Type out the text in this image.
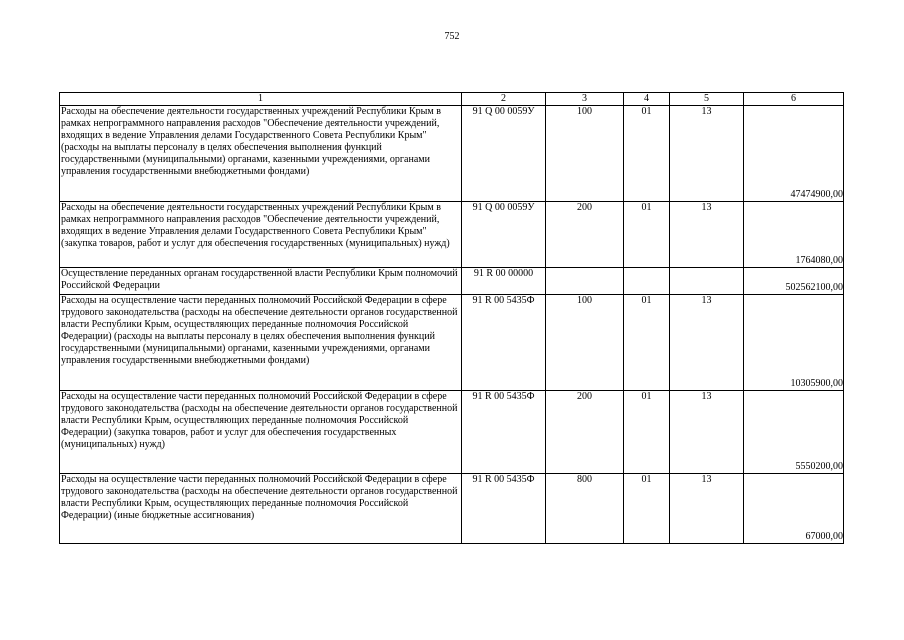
752
1	2	3	4	5	6
Расходы на обеспечение деятельности государственных учреждений Республики Крым в рамках непрограммного направления расходов "Обеспечение деятельности учреждений, входящих в ведение Управления делами Государственного Совета Республики Крым" (расходы на выплаты персоналу в целях обеспечения выполнения функций государственными (муниципальными) органами, казенными учреждениями, органами управления государственными внебюджетными фондами)	91 Q 00 0059У	100	01	13	47474900,00
Расходы на обеспечение деятельности государственных учреждений Республики Крым в рамках непрограммного направления расходов "Обеспечение деятельности учреждений, входящих в ведение Управления делами Государственного Совета Республики Крым" (закупка товаров, работ и услуг для обеспечения государственных (муниципальных) нужд)	91 Q 00 0059У	200	01	13	1764080,00
Осуществление переданных органам государственной власти Республики Крым полномочий Российской Федерации	91 R 00 00000				502562100,00
Расходы на осуществление части переданных полномочий Российской Федерации в сфере трудового законодательства (расходы на обеспечение деятельности органов государственной власти Республики Крым, осуществляющих переданные полномочия Российской Федерации) (расходы на выплаты персоналу в целях обеспечения выполнения функций государственными (муниципальными) органами, казенными учреждениями, органами управления государственными внебюджетными фондами)	91 R 00 5435Ф	100	01	13	10305900,00
Расходы на осуществление части переданных полномочий Российской Федерации в сфере трудового законодательства (расходы на обеспечение деятельности органов государственной власти Республики Крым, осуществляющих переданные полномочия Российской Федерации) (закупка товаров, работ и услуг для обеспечения государственных (муниципальных) нужд)	91 R 00 5435Ф	200	01	13	5550200,00
Расходы на осуществление части переданных полномочий Российской Федерации в сфере трудового законодательства (расходы на обеспечение деятельности органов государственной власти Республики Крым, осуществляющих переданные полномочия Российской Федерации) (иные бюджетные ассигнования)	91 R 00 5435Ф	800	01	13	67000,00
